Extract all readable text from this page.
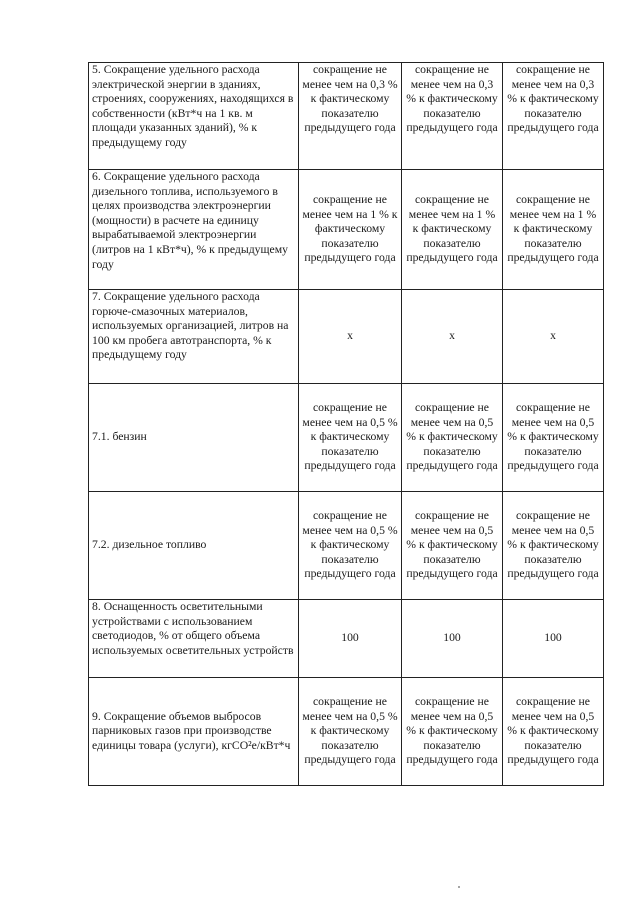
5. Сокращение удельного расхода электрической энергии в зданиях, строениях, сооружениях, находящихся в собственности (кВт*ч на 1 кв. м площади указанных зданий), % к предыдущему году	сокращение не менее чем на 0,3 % к фактическому показателю предыдущего года	сокращение не менее чем на 0,3 % к фактическому показателю предыдущего года	сокращение не менее чем на 0,3 % к фактическому показателю предыдущего года

6. Сокращение удельного расхода дизельного топлива, используемого в целях производства электроэнергии (мощности) в расчете на единицу вырабатываемой электроэнергии (литров на 1 кВт*ч), % к предыдущему году	сокращение не менее чем на 1 % к фактическому показателю предыдущего года	сокращение не менее чем на 1 % к фактическому показателю предыдущего года	сокращение не менее чем на 1 % к фактическому показателю предыдущего года

7. Сокращение удельного расхода горюче-смазочных материалов, используемых организацией, литров на 100 км пробега автотранспорта, % к предыдущему году	x	x	x

7.1. бензин	сокращение не менее чем на 0,5 % к фактическому показателю предыдущего года	сокращение не менее чем на 0,5 % к фактическому показателю предыдущего года	сокращение не менее чем на 0,5 % к фактическому показателю предыдущего года

7.2. дизельное топливо	сокращение не менее чем на 0,5 % к фактическому показателю предыдущего года	сокращение не менее чем на 0,5 % к фактическому показателю предыдущего года	сокращение не менее чем на 0,5 % к фактическому показателю предыдущего года

8. Оснащенность осветительными устройствами с использованием светодиодов, % от общего объема используемых осветительных устройств	100	100	100

9. Сокращение объемов выбросов парниковых газов при производстве единицы товара (услуги), кгCO²e/кВт*ч	сокращение не менее чем на 0,5 % к фактическому показателю предыдущего года	сокращение не менее чем на 0,5 % к фактическому показателю предыдущего года	сокращение не менее чем на 0,5 % к фактическому показателю предыдущего года
